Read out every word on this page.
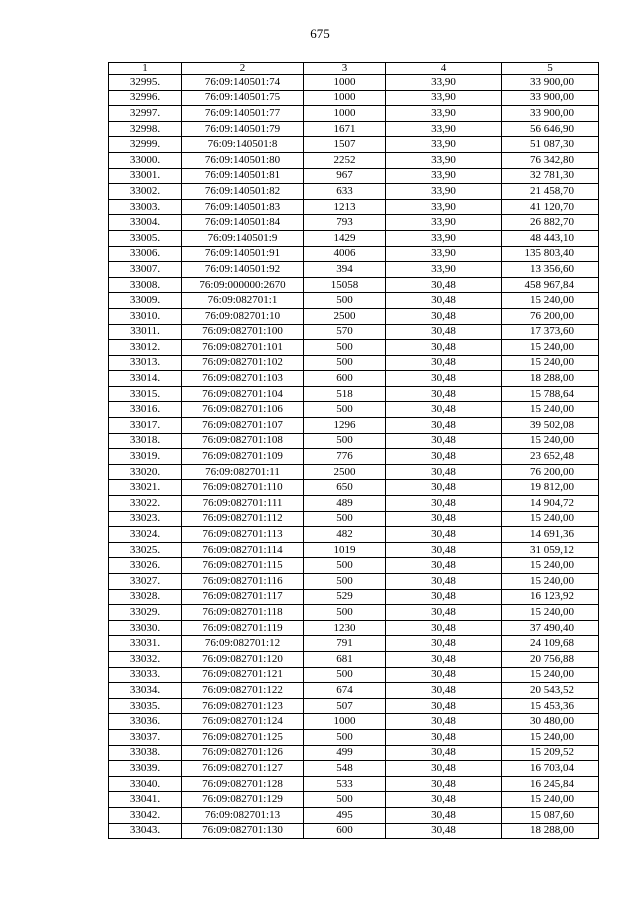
675
1	2	3	4	5
32995.	76:09:140501:74	1000	33,90	33 900,00
32996.	76:09:140501:75	1000	33,90	33 900,00
32997.	76:09:140501:77	1000	33,90	33 900,00
32998.	76:09:140501:79	1671	33,90	56 646,90
32999.	76:09:140501:8	1507	33,90	51 087,30
33000.	76:09:140501:80	2252	33,90	76 342,80
33001.	76:09:140501:81	967	33,90	32 781,30
33002.	76:09:140501:82	633	33,90	21 458,70
33003.	76:09:140501:83	1213	33,90	41 120,70
33004.	76:09:140501:84	793	33,90	26 882,70
33005.	76:09:140501:9	1429	33,90	48 443,10
33006.	76:09:140501:91	4006	33,90	135 803,40
33007.	76:09:140501:92	394	33,90	13 356,60
33008.	76:09:000000:2670	15058	30,48	458 967,84
33009.	76:09:082701:1	500	30,48	15 240,00
33010.	76:09:082701:10	2500	30,48	76 200,00
33011.	76:09:082701:100	570	30,48	17 373,60
33012.	76:09:082701:101	500	30,48	15 240,00
33013.	76:09:082701:102	500	30,48	15 240,00
33014.	76:09:082701:103	600	30,48	18 288,00
33015.	76:09:082701:104	518	30,48	15 788,64
33016.	76:09:082701:106	500	30,48	15 240,00
33017.	76:09:082701:107	1296	30,48	39 502,08
33018.	76:09:082701:108	500	30,48	15 240,00
33019.	76:09:082701:109	776	30,48	23 652,48
33020.	76:09:082701:11	2500	30,48	76 200,00
33021.	76:09:082701:110	650	30,48	19 812,00
33022.	76:09:082701:111	489	30,48	14 904,72
33023.	76:09:082701:112	500	30,48	15 240,00
33024.	76:09:082701:113	482	30,48	14 691,36
33025.	76:09:082701:114	1019	30,48	31 059,12
33026.	76:09:082701:115	500	30,48	15 240,00
33027.	76:09:082701:116	500	30,48	15 240,00
33028.	76:09:082701:117	529	30,48	16 123,92
33029.	76:09:082701:118	500	30,48	15 240,00
33030.	76:09:082701:119	1230	30,48	37 490,40
33031.	76:09:082701:12	791	30,48	24 109,68
33032.	76:09:082701:120	681	30,48	20 756,88
33033.	76:09:082701:121	500	30,48	15 240,00
33034.	76:09:082701:122	674	30,48	20 543,52
33035.	76:09:082701:123	507	30,48	15 453,36
33036.	76:09:082701:124	1000	30,48	30 480,00
33037.	76:09:082701:125	500	30,48	15 240,00
33038.	76:09:082701:126	499	30,48	15 209,52
33039.	76:09:082701:127	548	30,48	16 703,04
33040.	76:09:082701:128	533	30,48	16 245,84
33041.	76:09:082701:129	500	30,48	15 240,00
33042.	76:09:082701:13	495	30,48	15 087,60
33043.	76:09:082701:130	600	30,48	18 288,00
